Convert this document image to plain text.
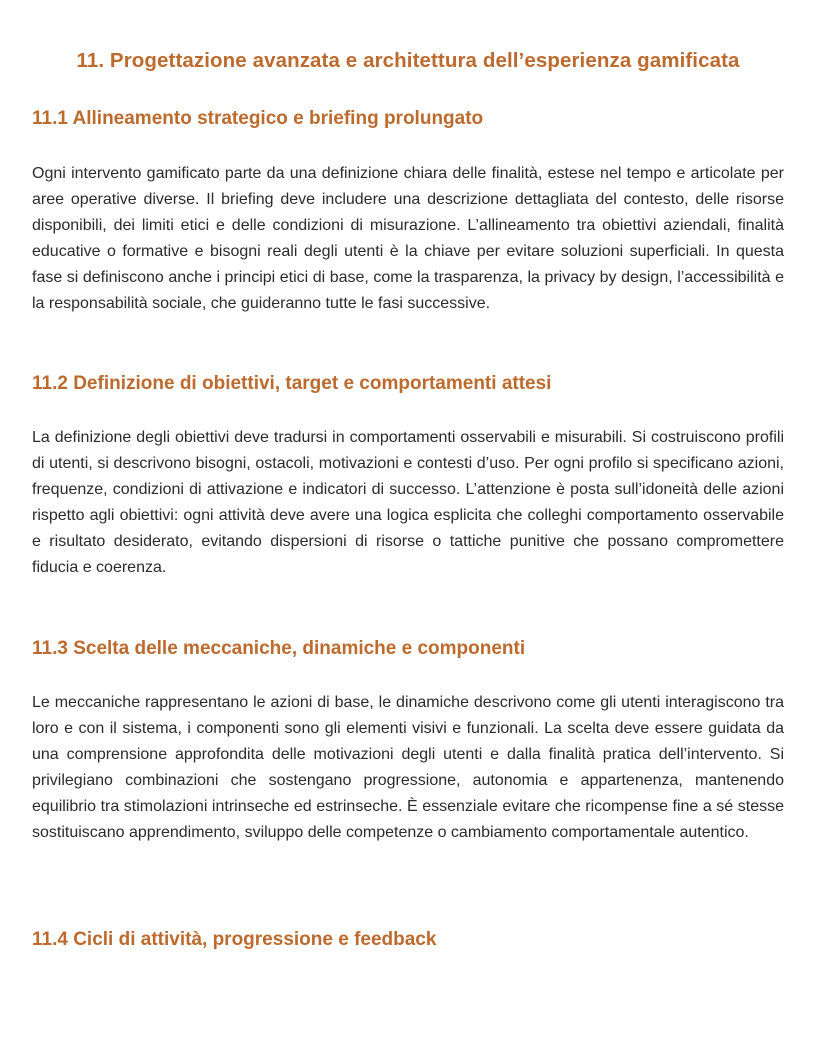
11. Progettazione avanzata e architettura dell’esperienza gamificata
11.1 Allineamento strategico e briefing prolungato

Ogni intervento gamificato parte da una definizione chiara delle finalità, estese nel tempo e articolate per aree operative diverse. Il briefing deve includere una descrizione dettagliata del contesto, delle risorse disponibili, dei limiti etici e delle condizioni di misurazione. L’allineamento tra obiettivi aziendali, finalità educative o formative e bisogni reali degli utenti è la chiave per evitare soluzioni superficiali. In questa fase si definiscono anche i principi etici di base, come la trasparenza, la privacy by design, l’accessibilità e la responsabilità sociale, che guideranno tutte le fasi successive.

11.2 Definizione di obiettivi, target e comportamenti attesi

La definizione degli obiettivi deve tradursi in comportamenti osservabili e misurabili. Si costruiscono profili di utenti, si descrivono bisogni, ostacoli, motivazioni e contesti d’uso. Per ogni profilo si specificano azioni, frequenze, condizioni di attivazione e indicatori di successo. L’attenzione è posta sull’idoneità delle azioni rispetto agli obiettivi: ogni attività deve avere una logica esplicita che colleghi comportamento osservabile e risultato desiderato, evitando dispersioni di risorse o tattiche punitive che possano compromettere fiducia e coerenza.

11.3 Scelta delle meccaniche, dinamiche e componenti

Le meccaniche rappresentano le azioni di base, le dinamiche descrivono come gli utenti interagiscono tra loro e con il sistema, i componenti sono gli elementi visivi e funzionali. La scelta deve essere guidata da una comprensione approfondita delle motivazioni degli utenti e dalla finalità pratica dell’intervento. Si privilegiano combinazioni che sostengano progressione, autonomia e appartenenza, mantenendo equilibrio tra stimolazioni intrinseche ed estrinseche. È essenziale evitare che ricompense fine a sé stesse sostituiscano apprendimento, sviluppo delle competenze o cambiamento comportamentale autentico.

11.4 Cicli di attività, progressione e feedback
